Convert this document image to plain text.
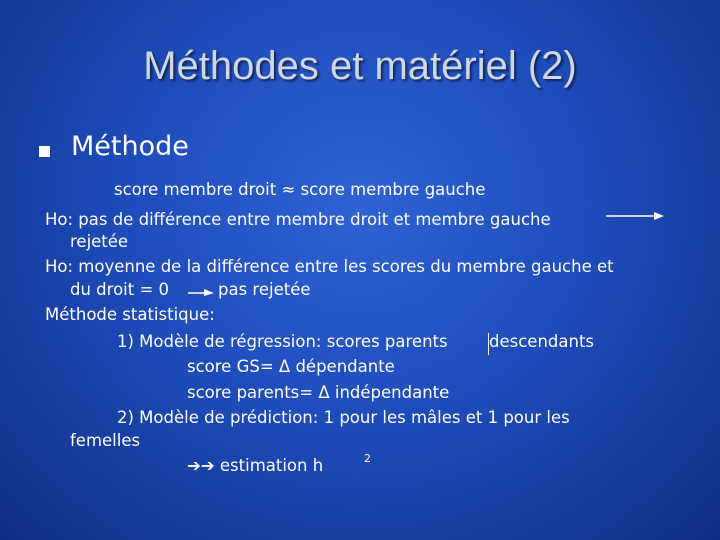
Méthodes et matériel (2)
Méthode
score membre droit ≈ score membre gauche
Ho: pas de différence entre membre droit et membre gauche
rejetée
Ho: moyenne de la différence entre les scores du membre gauche et
du droit = 0	pas rejetée
Méthode statistique:
1) Modèle de régression: scores parents	descendants
score GS= Δ dépendante
score parents= Δ indépendante
2) Modèle de prédiction: 1 pour les mâles et 1 pour les
femelles
➔➔ estimation h	2
